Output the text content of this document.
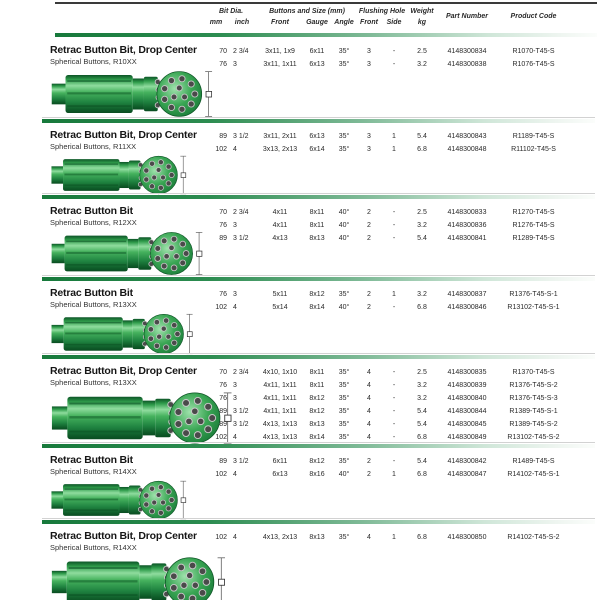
Bit Dia.
mm	inch
Buttons and Size (mm)
Front	Gauge Angle
Flushing Hole
Front	Side
Weight
kg
Part Number	Product Code
Retrac Button Bit, Drop Center
Spherical Buttons, R10XX
70 2 3/4	3x11, 1x9	6x11	35°	3	-	2.5	4148300834	R1070-T45-S
76 3	3x11, 1x11	6x13	35°	3	-	3.2	4148300838	R1076-T45-S
Retrac Button Bit, Drop Center
Spherical Buttons, R11XX
89 3 1/2	3x11, 2x11	6x13	35°	3	1	5.4	4148300843	R1189-T45-S
102 4	3x13, 2x13	6x14	35°	3	1	6.8	4148300848	R11102-T45-S
Retrac Button Bit
Spherical Buttons, R12XX
70 2 3/4	4x11	8x11	40°	2	-	2.5	4148300833	R1270-T45-S
76 3	4x11	8x11	40°	2	-	3.2	4148300836	R1276-T45-S
89 3 1/2	4x13	8x13	40°	2	-	5.4	4148300841	R1289-T45-S
Retrac Button Bit
Spherical Buttons, R13XX
76 3	5x11	8x12	35°	2	1	3.2	4148300837	R1376-T45-S-1
102 4	5x14	8x14	40°	2	-	6.8	4148300846	R13102-T45-S-1
Retrac Button Bit, Drop Center
Spherical Buttons, R13XX
70 2 3/4	4x10, 1x10	8x11	35°	4	-	2.5	4148300835	R1370-T45-S
76 3	4x11, 1x11	8x11	35°	4	-	3.2	4148300839	R1376-T45-S-2
76 3	4x11, 1x11	8x12	35°	4	-	3.2	4148300840	R1376-T45-S-3
89 3 1/2	4x11, 1x11	8x12	35°	4	-	5.4	4148300844	R1389-T45-S-1
89 3 1/2	4x13, 1x13	8x13	35°	4	-	5.4	4148300845	R1389-T45-S-2
102 4	4x13, 1x13	8x14	35°	4	-	6.8	4148300849	R13102-T45-S-2
Retrac Button Bit
Spherical Buttons, R14XX
89 3 1/2	6x11	8x12	35°	2	-	5.4	4148300842	R1489-T45-S
102 4	6x13	8x16	40°	2	1	6.8	4148300847	R14102-T45-S-1
Retrac Button Bit, Drop Center
Spherical Buttons, R14XX
102 4	4x13, 2x13	8x13	35°	4	1	6.8	4148300850	R14102-T45-S-2
